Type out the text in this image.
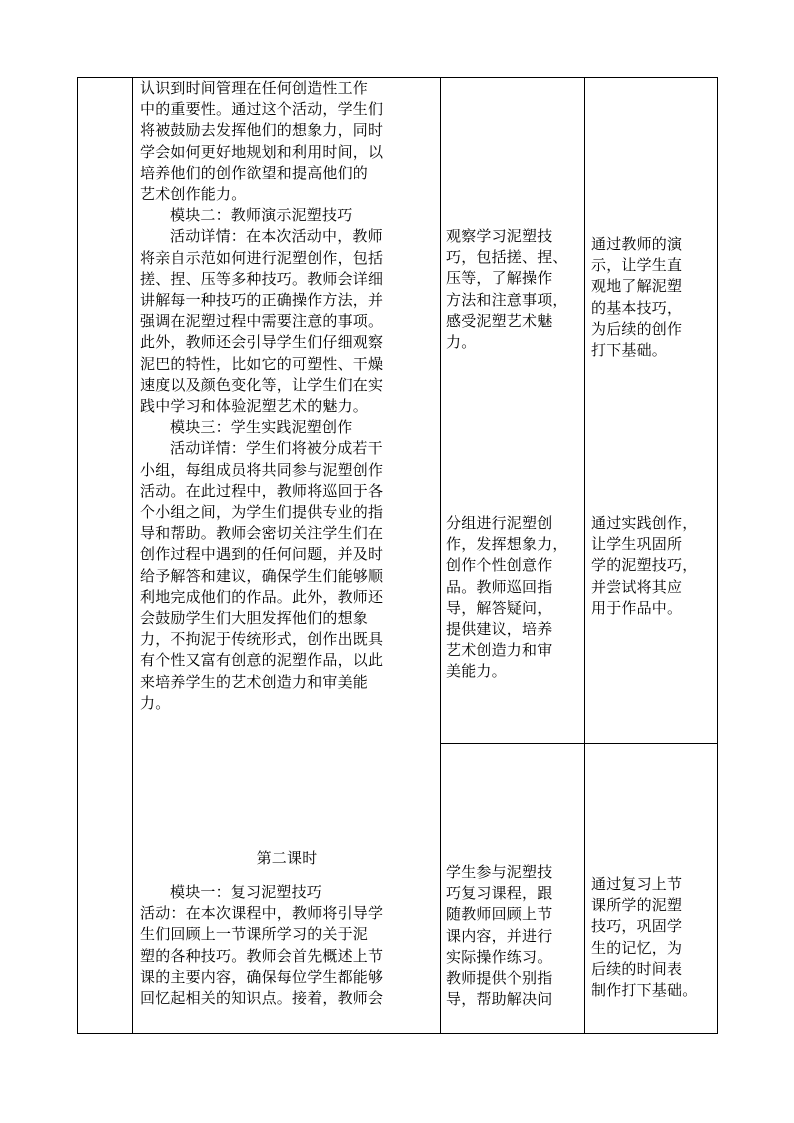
认识到时间管理在任何创造性工作

中的重要性。通过这个活动，学生们

将被鼓励去发挥他们的想象力，同时

学会如何更好地规划和利用时间，以

培养他们的创作欲望和提高他们的

艺术创作能力。

模块二：教师演示泥塑技巧

活动详情：在本次活动中，教师

将亲自示范如何进行泥塑创作，包括

搓、捏、压等多种技巧。教师会详细

讲解每一种技巧的正确操作方法，并

强调在泥塑过程中需要注意的事项。

此外，教师还会引导学生们仔细观察

泥巴的特性，比如它的可塑性、干燥

速度以及颜色变化等，让学生们在实

践中学习和体验泥塑艺术的魅力。

模块三：学生实践泥塑创作

活动详情：学生们将被分成若干

小组，每组成员将共同参与泥塑创作

活动。在此过程中，教师将巡回于各

个小组之间，为学生们提供专业的指

导和帮助。教师会密切关注学生们在

创作过程中遇到的任何问题，并及时

给予解答和建议，确保学生们能够顺

利地完成他们的作品。此外，教师还

会鼓励学生们大胆发挥他们的想象

力，不拘泥于传统形式，创作出既具

有个性又富有创意的泥塑作品，以此

来培养学生的艺术创造力和审美能

力。

第二课时

模块一：复习泥塑技巧

活动：在本次课程中，教师将引导学

生们回顾上一节课所学习的关于泥

塑的各种技巧。教师会首先概述上节

课的主要内容，确保每位学生都能够

回忆起相关的知识点。接着，教师会

观察学习泥塑技

巧，包括搓、捏、

压等，了解操作

方法和注意事项，

感受泥塑艺术魅

力。

分组进行泥塑创

作，发挥想象力，

创作个性创意作

品。教师巡回指

导，解答疑问，

提供建议，培养

艺术创造力和审

美能力。

学生参与泥塑技

巧复习课程，跟

随教师回顾上节

课内容，并进行

实际操作练习。

教师提供个别指

导，帮助解决问

通过教师的演

示，让学生直

观地了解泥塑

的基本技巧，

为后续的创作

打下基础。

通过实践创作，

让学生巩固所

学的泥塑技巧，

并尝试将其应

用于作品中。

通过复习上节

课所学的泥塑

技巧，巩固学

生的记忆，为

后续的时间表

制作打下基础。
